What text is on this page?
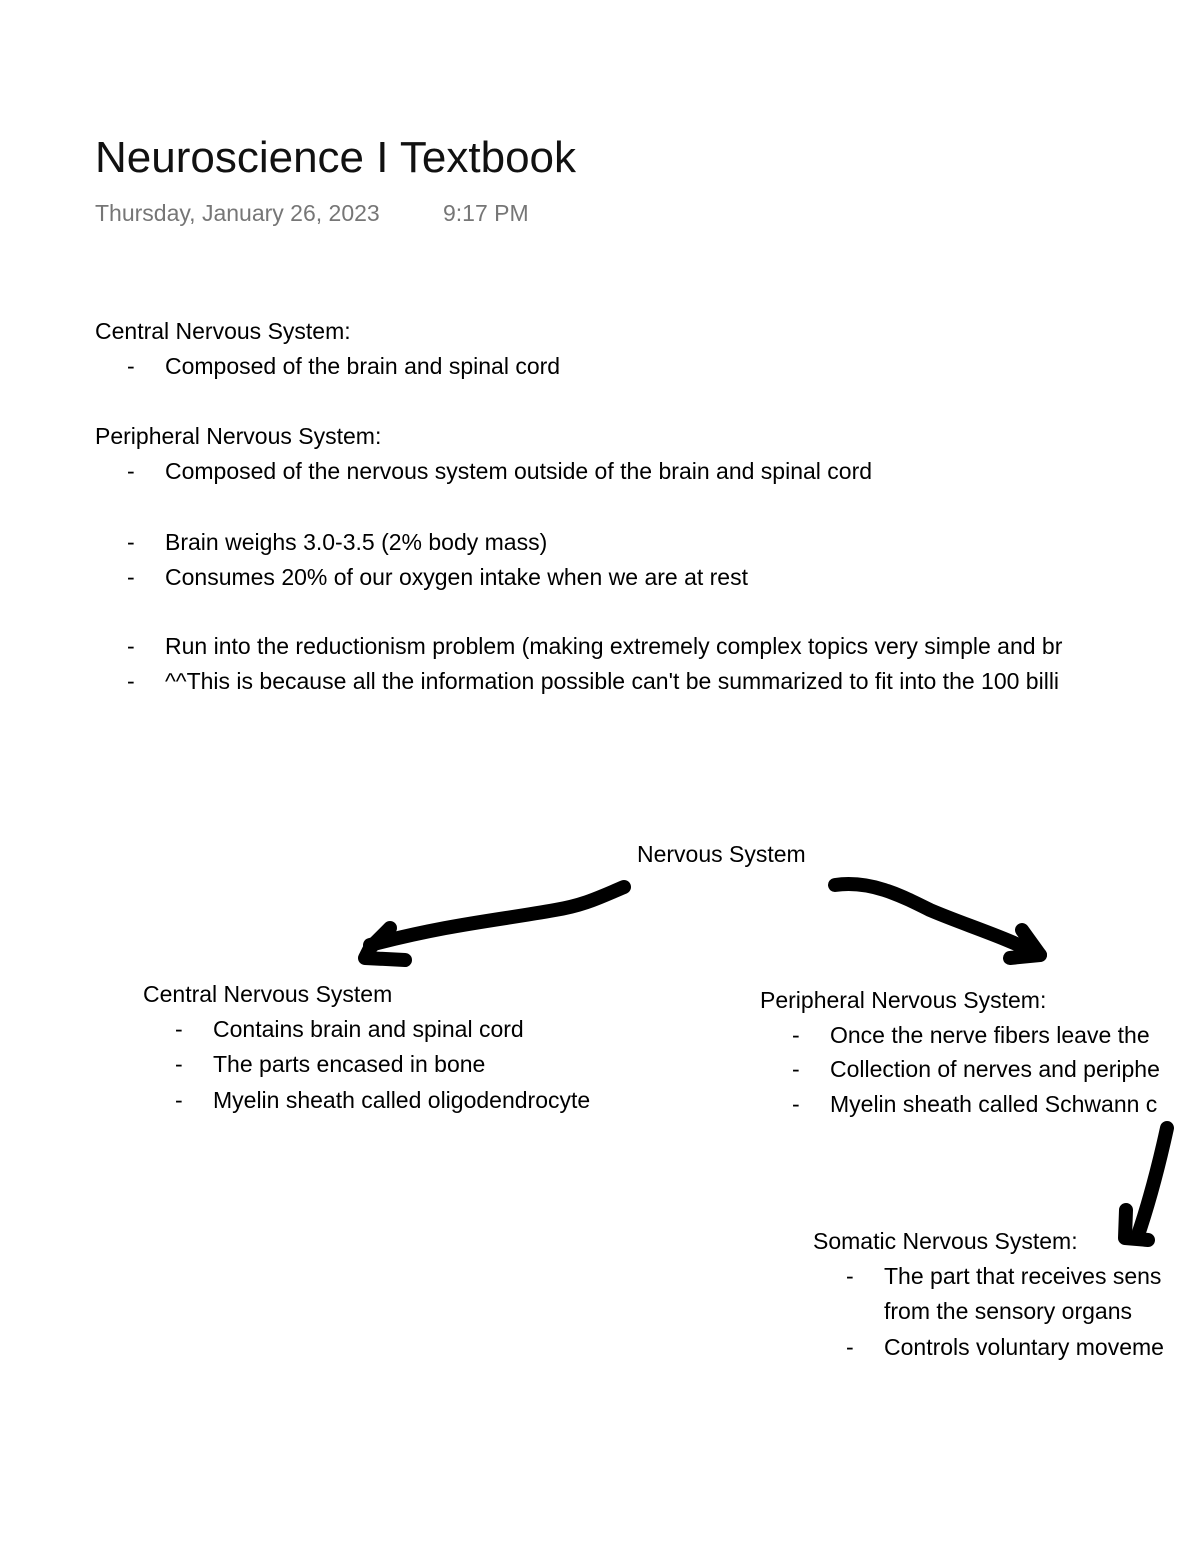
Neuroscience I Textbook
Thursday, January 26, 2023	9:17 PM
Central Nervous System:
- Composed of the brain and spinal cord
Peripheral Nervous System:
- Composed of the nervous system outside of the brain and spinal cord
- Brain weighs 3.0-3.5 (2% body mass)
- Consumes 20% of our oxygen intake when we are at rest
- Run into the reductionism problem (making extremely complex topics very simple and br
- ^^This is because all the information possible can't be summarized to fit into the 100 billi
Nervous System
Central Nervous System
- Contains brain and spinal cord
- The parts encased in bone
- Myelin sheath called oligodendrocyte
Peripheral Nervous System:
- Once the nerve fibers leave the
- Collection of nerves and periphe
- Myelin sheath called Schwann c
Somatic Nervous System:
- The part that receives sens from the sensory organs
- Controls voluntary moveme
